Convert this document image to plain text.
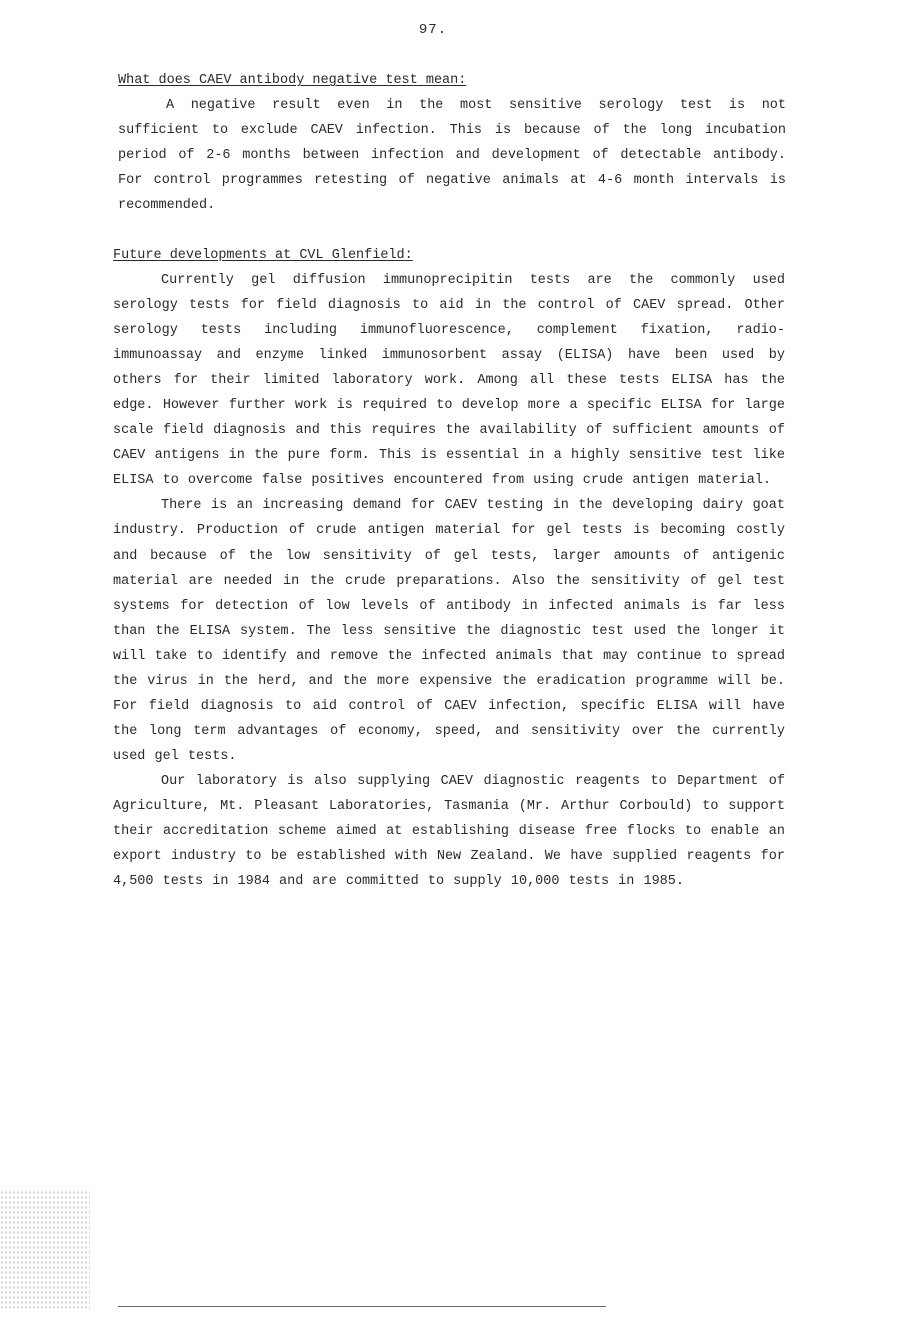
97.
What does CAEV antibody negative test mean:

A negative result even in the most sensitive serology test is not sufficient to exclude CAEV infection. This is because of the long incubation period of 2-6 months between infection and development of detectable antibody. For control programmes retesting of negative animals at 4-6 month intervals is recommended.

Future developments at CVL Glenfield:

Currently gel diffusion immunoprecipitin tests are the commonly used serology tests for field diagnosis to aid in the control of CAEV spread. Other serology tests including immunofluorescence, complement fixation, radio-immunoassay and enzyme linked immunosorbent assay (ELISA) have been used by others for their limited laboratory work. Among all these tests ELISA has the edge. However further work is required to develop more a specific ELISA for large scale field diagnosis and this requires the availability of sufficient amounts of CAEV antigens in the pure form. This is essential in a highly sensitive test like ELISA to overcome false positives encountered from using crude antigen material.

There is an increasing demand for CAEV testing in the developing dairy goat industry. Production of crude antigen material for gel tests is becoming costly and because of the low sensitivity of gel tests, larger amounts of antigenic material are needed in the crude preparations. Also the sensitivity of gel test systems for detection of low levels of antibody in infected animals is far less than the ELISA system. The less sensitive the diagnostic test used the longer it will take to identify and remove the infected animals that may continue to spread the virus in the herd, and the more expensive the eradication programme will be. For field diagnosis to aid control of CAEV infection, specific ELISA will have the long term advantages of economy, speed, and sensitivity over the currently used gel tests.

Our laboratory is also supplying CAEV diagnostic reagents to Department of Agriculture, Mt. Pleasant Laboratories, Tasmania (Mr. Arthur Corbould) to support their accreditation scheme aimed at establishing disease free flocks to enable an export industry to be established with New Zealand. We have supplied reagents for 4,500 tests in 1984 and are committed to supply 10,000 tests in 1985.
